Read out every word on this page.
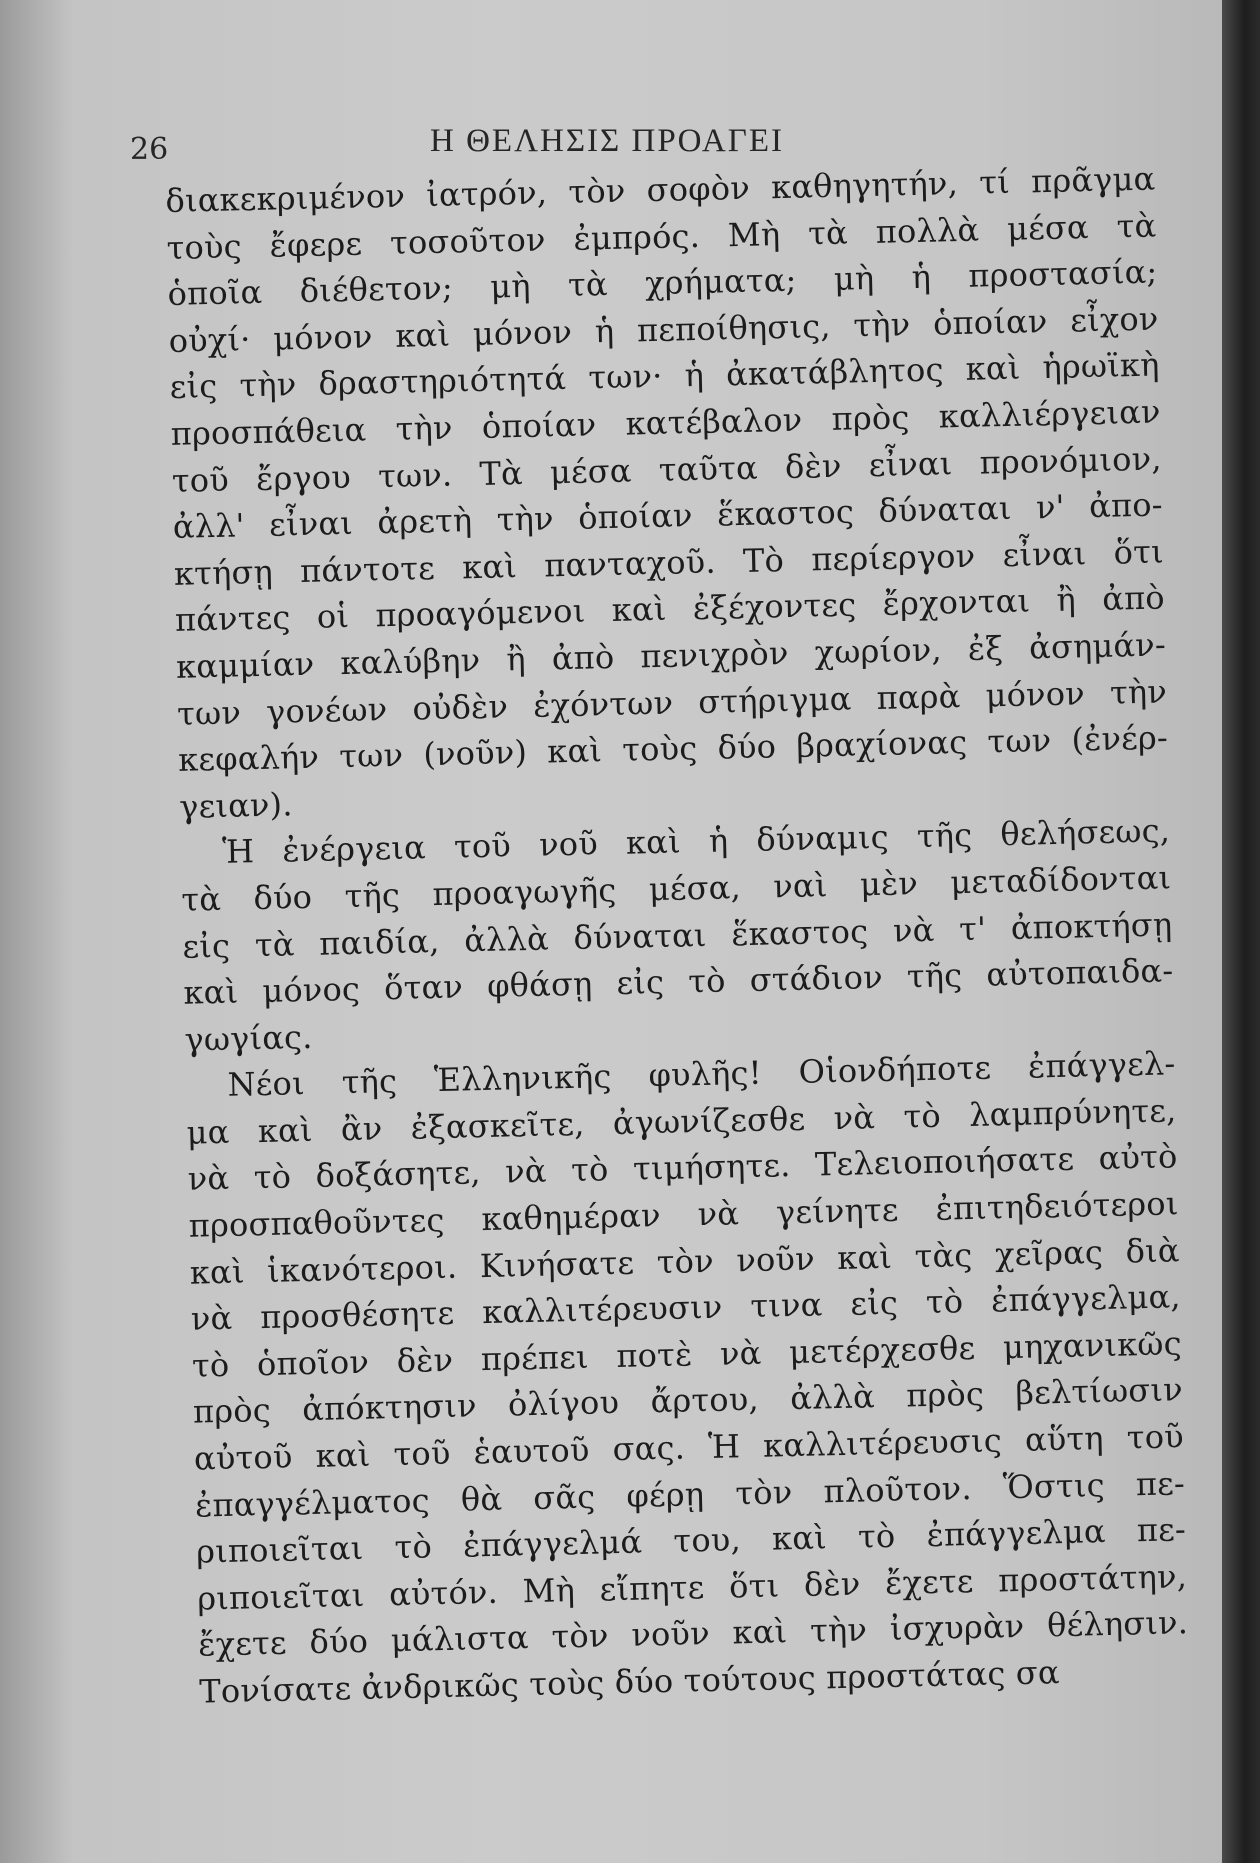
26	Η ΘΕΛΗΣΙΣ ΠΡΟΑΓΕΙ
διακεκριμένον ἰατρόν, τὸν σοφὸν καθηγητήν, τί πρᾶγμα
τοὺς ἔφερε τοσοῦτον ἐμπρός. Μὴ τὰ πολλὰ μέσα τὰ
ὁποῖα διέθετον; μὴ τὰ χρήματα; μὴ ἡ προστασία;
οὐχί· μόνον καὶ μόνον ἡ πεποίθησις, τὴν ὁποίαν εἶχον
εἰς τὴν δραστηριότητά των· ἡ ἀκατάβλητος καὶ ἡρωϊκὴ
προσπάθεια τὴν ὁποίαν κατέβαλον πρὸς καλλιέργειαν
τοῦ ἔργου των. Τὰ μέσα ταῦτα δὲν εἶναι προνόμιον,
ἀλλ' εἶναι ἀρετὴ τὴν ὁποίαν ἕκαστος δύναται ν' ἀπο-
κτήσῃ πάντοτε καὶ πανταχοῦ. Τὸ περίεργον εἶναι ὅτι
πάντες οἱ προαγόμενοι καὶ ἐξέχοντες ἔρχονται ἢ ἀπὸ
καμμίαν καλύβην ἢ ἀπὸ πενιχρὸν χωρίον, ἐξ ἀσημάν-
των γονέων οὐδὲν ἐχόντων στήριγμα παρὰ μόνον τὴν
κεφαλήν των (νοῦν) καὶ τοὺς δύο βραχίονας των (ἐνέρ-
γειαν).
Ἡ ἐνέργεια τοῦ νοῦ καὶ ἡ δύναμις τῆς θελήσεως,
τὰ δύο τῆς προαγωγῆς μέσα, ναὶ μὲν μεταδίδονται
εἰς τὰ παιδία, ἀλλὰ δύναται ἕκαστος νὰ τ' ἀποκτήσῃ
καὶ μόνος ὅταν φθάσῃ εἰς τὸ στάδιον τῆς αὐτοπαιδα-
γωγίας.
Νέοι τῆς Ἑλληνικῆς φυλῆς! Οἱονδήποτε ἐπάγγελ-
μα καὶ ἂν ἐξασκεῖτε, ἀγωνίζεσθε νὰ τὸ λαμπρύνητε,
νὰ τὸ δοξάσητε, νὰ τὸ τιμήσητε. Τελειοποιήσατε αὐτὸ
προσπαθοῦντες καθημέραν νὰ γείνητε ἐπιτηδειότεροι
καὶ ἱκανότεροι. Κινήσατε τὸν νοῦν καὶ τὰς χεῖρας διὰ
νὰ προσθέσητε καλλιτέρευσιν τινα εἰς τὸ ἐπάγγελμα,
τὸ ὁποῖον δὲν πρέπει ποτὲ νὰ μετέρχεσθε μηχανικῶς
πρὸς ἀπόκτησιν ὀλίγου ἄρτου, ἀλλὰ πρὸς βελτίωσιν
αὐτοῦ καὶ τοῦ ἑαυτοῦ σας. Ἡ καλλιτέρευσις αὕτη τοῦ
ἐπαγγέλματος θὰ σᾶς φέρῃ τὸν πλοῦτον. Ὅστις πε-
ριποιεῖται τὸ ἐπάγγελμά του, καὶ τὸ ἐπάγγελμα πε-
ριποιεῖται αὐτόν. Μὴ εἴπητε ὅτι δὲν ἔχετε προστάτην,
ἔχετε δύο μάλιστα τὸν νοῦν καὶ τὴν ἰσχυρὰν θέλησιν.
Τονίσατε ἀνδρικῶς τοὺς δύο τούτους προστάτας σα
